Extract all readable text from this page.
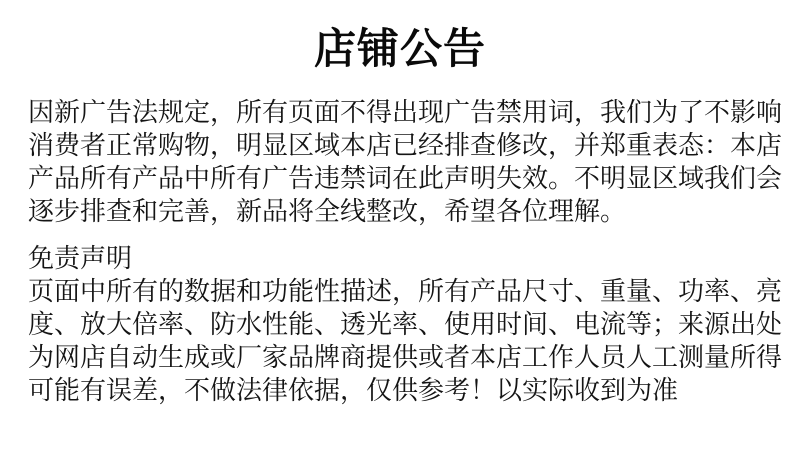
店铺公告
因新广告法规定，所有页面不得出现广告禁用词，我们为了不影响
消费者正常购物，明显区域本店已经排查修改，并郑重表态：本店
产品所有产品中所有广告违禁词在此声明失效。不明显区域我们会
逐步排查和完善，新品将全线整改，希望各位理解。
免责声明
页面中所有的数据和功能性描述，所有产品尺寸、重量、功率、亮
度、放大倍率、防水性能、透光率、使用时间、电流等；来源出处
为网店自动生成或厂家品牌商提供或者本店工作人员人工测量所得
可能有误差，不做法律依据，仅供参考！以实际收到为准
